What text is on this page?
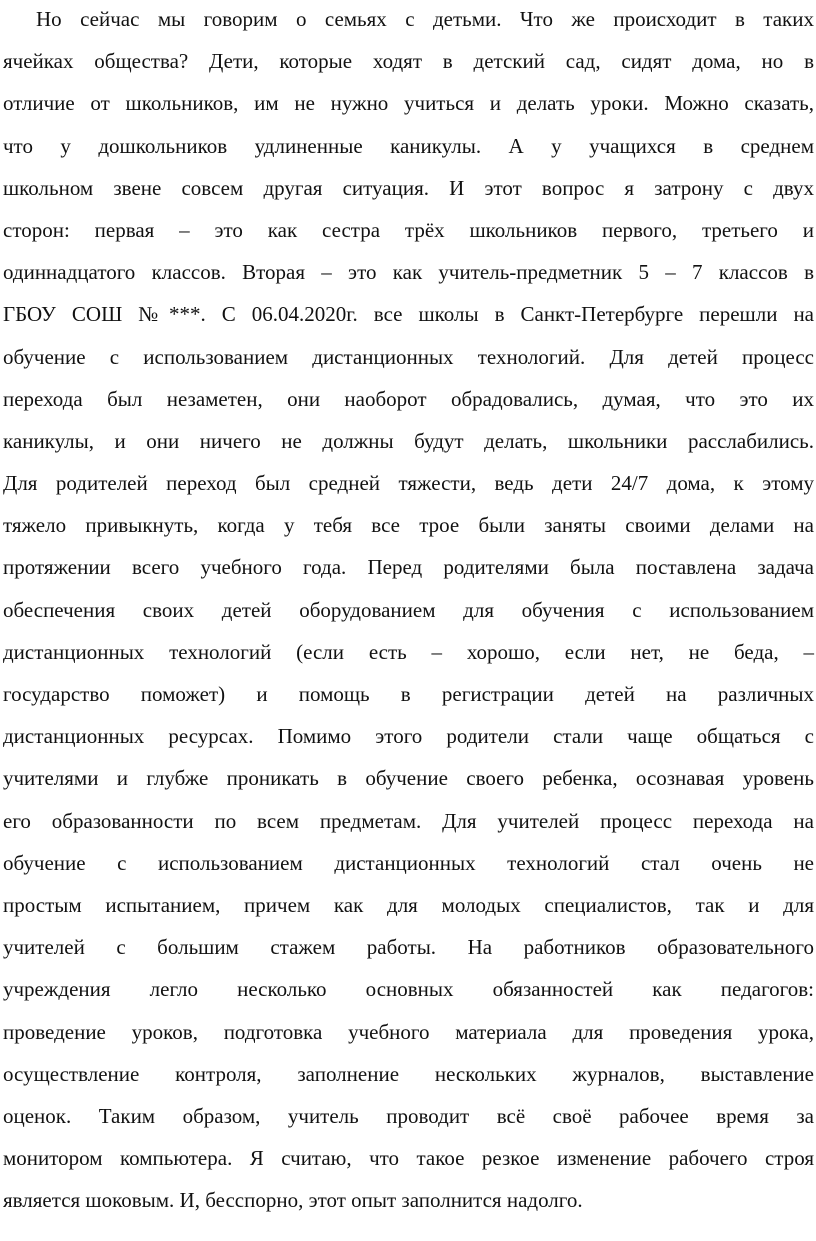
Но сейчас мы говорим о семьях с детьми. Что же происходит в таких
ячейках общества? Дети, которые ходят в детский сад, сидят дома, но в
отличие от школьников, им не нужно учиться и делать уроки. Можно сказать,
что у дошкольников удлиненные каникулы. А у учащихся в среднем
школьном звене совсем другая ситуация. И этот вопрос я затрону с двух
сторон: первая – это как сестра трёх школьников первого, третьего и
одиннадцатого классов. Вторая – это как учитель-предметник 5 – 7 классов в
ГБОУ СОШ №***. С 06.04.2020г. все школы в Санкт-Петербурге перешли на
обучение с использованием дистанционных технологий. Для детей процесс
перехода был незаметен, они наоборот обрадовались, думая, что это их
каникулы, и они ничего не должны будут делать, школьники расслабились.
Для родителей переход был средней тяжести, ведь дети 24/7 дома, к этому
тяжело привыкнуть, когда у тебя все трое были заняты своими делами на
протяжении всего учебного года. Перед родителями была поставлена задача
обеспечения своих детей оборудованием для обучения с использованием
дистанционных технологий (если есть – хорошо, если нет, не беда, –
государство поможет) и помощь в регистрации детей на различных
дистанционных ресурсах. Помимо этого родители стали чаще общаться с
учителями и глубже проникать в обучение своего ребенка, осознавая уровень
его образованности по всем предметам. Для учителей процесс перехода на
обучение с использованием дистанционных технологий стал очень не
простым испытанием, причем как для молодых специалистов, так и для
учителей с большим стажем работы. На работников образовательного
учреждения легло несколько основных обязанностей как педагогов:
проведение уроков, подготовка учебного материала для проведения урока,
осуществление контроля, заполнение нескольких журналов, выставление
оценок. Таким образом, учитель проводит всё своё рабочее время за
монитором компьютера. Я считаю, что такое резкое изменение рабочего строя
является шоковым. И, бесспорно, этот опыт заполнится надолго.
